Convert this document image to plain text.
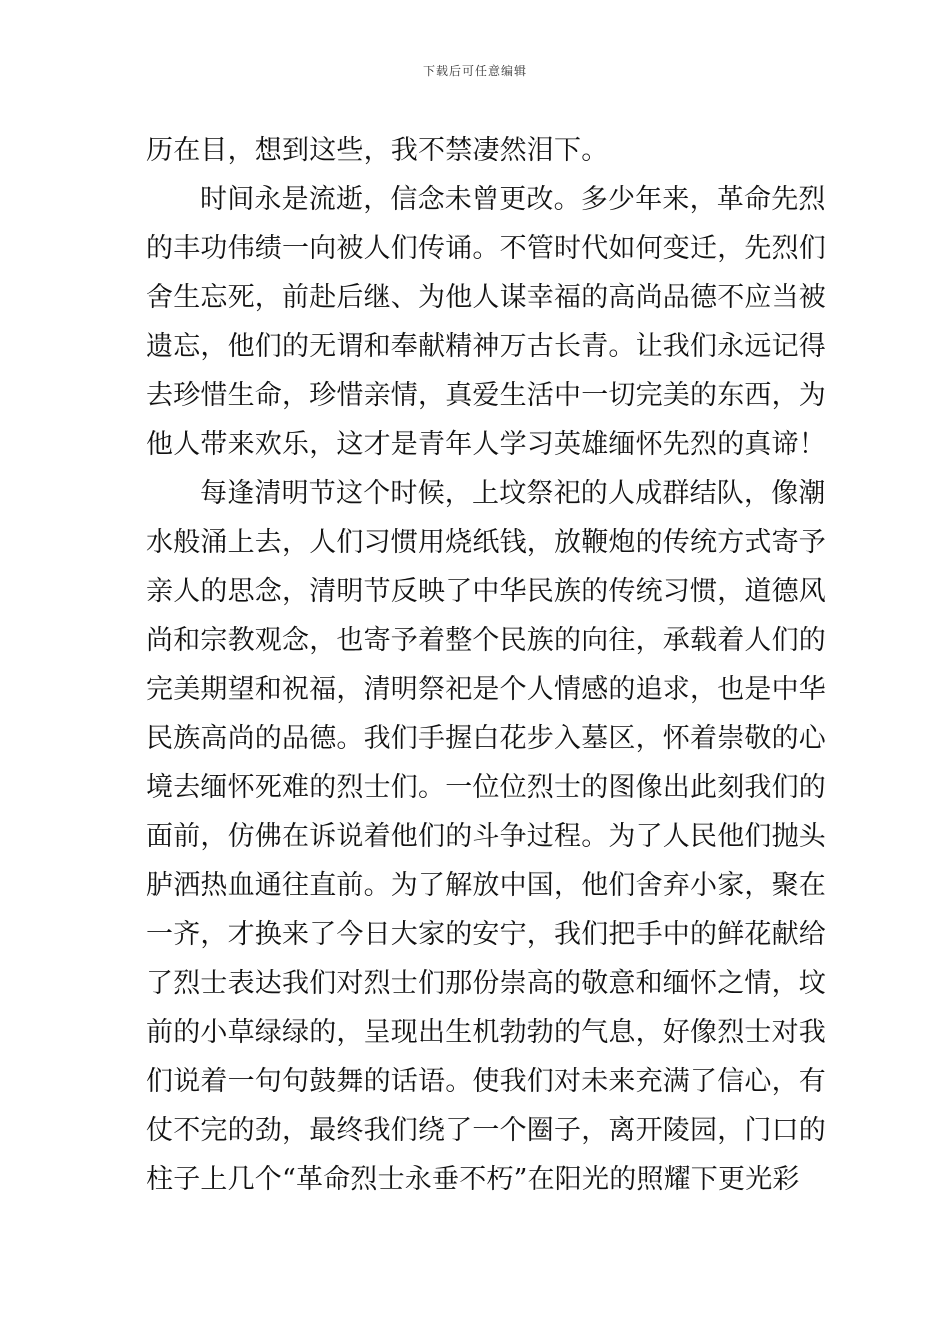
下载后可任意编辑
历在目，想到这些，我不禁凄然泪下。
时间永是流逝，信念未曾更改。多少年来，革命先烈
的丰功伟绩一向被人们传诵。不管时代如何变迁，先烈们
舍生忘死，前赴后继、为他人谋幸福的高尚品德不应当被
遗忘，他们的无谓和奉献精神万古长青。让我们永远记得
去珍惜生命，珍惜亲情，真爱生活中一切完美的东西，为
他人带来欢乐，这才是青年人学习英雄缅怀先烈的真谛！
每逢清明节这个时候，上坟祭祀的人成群结队，像潮
水般涌上去，人们习惯用烧纸钱，放鞭炮的传统方式寄予
亲人的思念，清明节反映了中华民族的传统习惯，道德风
尚和宗教观念，也寄予着整个民族的向往，承载着人们的
完美期望和祝福，清明祭祀是个人情感的追求，也是中华
民族高尚的品德。我们手握白花步入墓区，怀着崇敬的心
境去缅怀死难的烈士们。一位位烈士的图像出此刻我们的
面前，仿佛在诉说着他们的斗争过程。为了人民他们抛头
胪洒热血通往直前。为了解放中国，他们舍弃小家，聚在
一齐，才换来了今日大家的安宁，我们把手中的鲜花献给
了烈士表达我们对烈士们那份崇高的敬意和缅怀之情，坟
前的小草绿绿的，呈现出生机勃勃的气息，好像烈士对我
们说着一句句鼓舞的话语。使我们对未来充满了信心，有
仗不完的劲，最终我们绕了一个圈子，离开陵园，门口的
柱子上几个“革命烈士永垂不朽”在阳光的照耀下更光彩
